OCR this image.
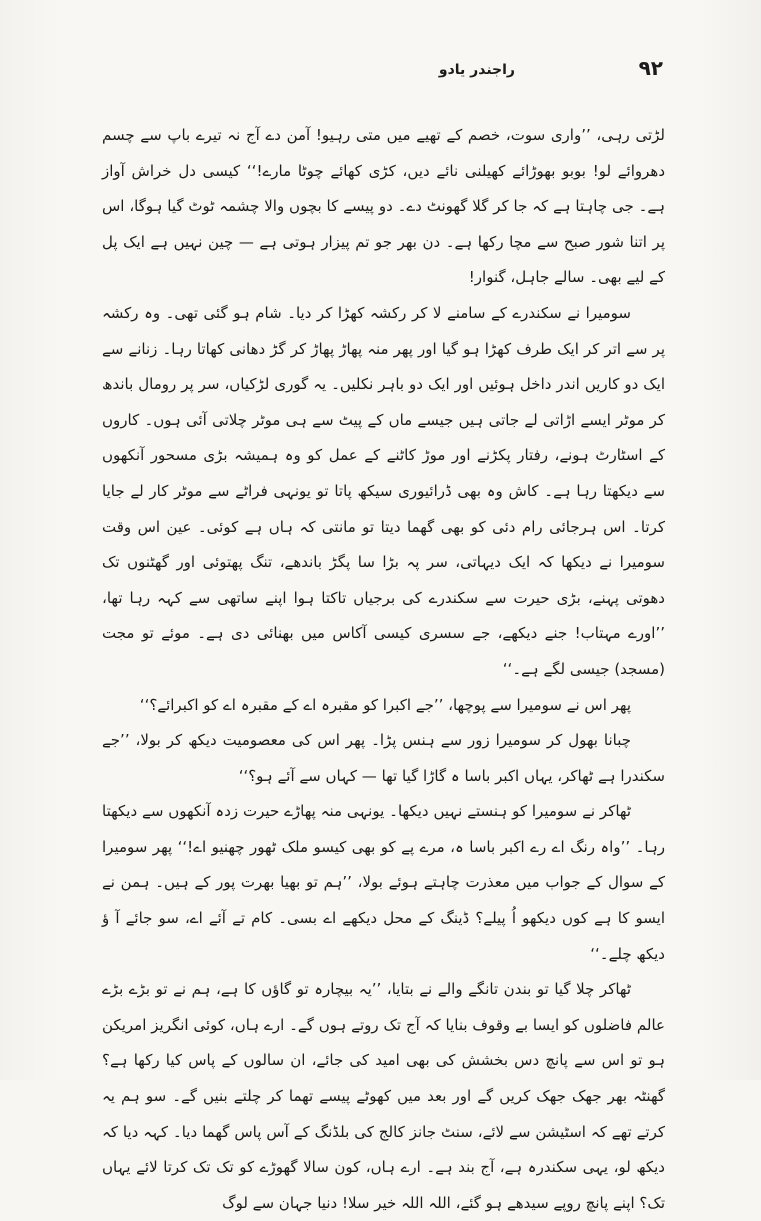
۹۲
راجندر یادو

لڑتی رہی، ’’واری سوت، خصم کے تھیے میں متی رہیو! آمن دے آج نہ تیرے باپ سے چسم دھروائے لو! بوبو بھوڑائے کھیلنی نائے دیں، کڑی کھائے چوٹا مارے!‘‘ کیسی دل خراش آواز ہے۔ جی چاہتا ہے کہ جا کر گلا گھونٹ دے۔ دو پیسے کا بچوں والا چشمہ ٹوٹ گیا ہوگا، اس پر اتنا شور صبح سے مچا رکھا ہے۔ دن بھر جو تم پیزار ہوتی ہے — چین نہیں ہے ایک پل کے لیے بھی۔ سالے جاہل، گنوار!

سومیرا نے سکندرے کے سامنے لا کر رکشہ کھڑا کر دیا۔ شام ہو گئی تھی۔ وہ رکشہ پر سے اتر کر ایک طرف کھڑا ہو گیا اور پھر منہ پھاڑ پھاڑ کر گڑ دھانی کھاتا رہا۔ زنانے سے ایک دو کاریں اندر داخل ہوئیں اور ایک دو باہر نکلیں۔ یہ گوری لڑکیاں، سر پر رومال باندھ کر موٹر ایسے اڑاتی لے جاتی ہیں جیسے ماں کے پیٹ سے ہی موٹر چلاتی آئی ہوں۔ کاروں کے اسٹارٹ ہونے، رفتار پکڑنے اور موڑ کاٹنے کے عمل کو وہ ہمیشہ بڑی مسحور آنکھوں سے دیکھتا رہا ہے۔ کاش وہ بھی ڈرائیوری سیکھ پاتا تو یونہی فراٹے سے موٹر کار لے جایا کرتا۔ اس ہرجائی رام دئی کو بھی گھما دیتا تو مانتی کہ ہاں ہے کوئی۔ عین اس وقت سومیرا نے دیکھا کہ ایک دیہاتی، سر پہ بڑا سا پگڑ باندھے، تنگ پھتوئی اور گھٹنوں تک دھوتی پہنے، بڑی حیرت سے سکندرے کی برجیاں تاکتا ہوا اپنے ساتھی سے کہہ رہا تھا، ’’اورے مہتاب! جنے دیکھے، جے سسری کیسی آکاس میں بھنائی دی ہے۔ موئے تو مجت (مسجد) جیسی لگے ہے۔‘‘

پھر اس نے سومیرا سے پوچھا، ’’جے اکبرا کو مقبرہ اے کے مقبرہ اے کو اکبرائے؟‘‘

چبانا بھول کر سومیرا زور سے ہنس پڑا۔ پھر اس کی معصومیت دیکھ کر بولا، ’’جے سکندرا ہے ٹھاکر، یہاں اکبر باسا ہ گاڑا گیا تھا — کہاں سے آئے ہو؟‘‘

ٹھاکر نے سومیرا کو ہنستے نہیں دیکھا۔ یونہی منہ پھاڑے حیرت زدہ آنکھوں سے دیکھتا رہا۔ ’’واہ رنگ اے رے اکبر باسا ہ، مرے پے کو بھی کیسو ملک ٹھور چھنیو اے!‘‘ پھر سومیرا کے سوال کے جواب میں معذرت چاہتے ہوئے بولا، ’’ہم تو بھیا بھرت پور کے ہیں۔ ہمن نے ایسو کا ہے کوں دیکھو اُ پیلے؟ ڈینگ کے محل دیکھے اے بسی۔ کام تے آئے اے، سو جائے آ ؤ دیکھ چلے۔‘‘

ٹھاکر چلا گیا تو بندن تانگے والے نے بتایا، ’’یہ بیچارہ تو گاؤں کا ہے، ہم نے تو بڑے بڑے عالم فاضلوں کو ایسا بے وقوف بنایا کہ آج تک روتے ہوں گے۔ ارے ہاں، کوئی انگریز امریکن ہو تو اس سے پانچ دس بخشش کی بھی امید کی جائے، ان سالوں کے پاس کیا رکھا ہے؟ گھنٹہ بھر جھک جھک کریں گے اور بعد میں کھوٹے پیسے تھما کر چلتے بنیں گے۔ سو ہم یہ کرتے تھے کہ اسٹیشن سے لائے، سنٹ جانز کالج کی بلڈنگ کے آس پاس گھما دیا۔ کہہ دیا کہ دیکھ لو، یہی سکندرہ ہے، آج بند ہے۔ ارے ہاں، کون سالا گھوڑے کو تک تک کرتا لائے یہاں تک؟ اپنے پانچ روپے سیدھے ہو گئے، اللہ اللہ خیر سلا! دنیا جہان سے لوگ
